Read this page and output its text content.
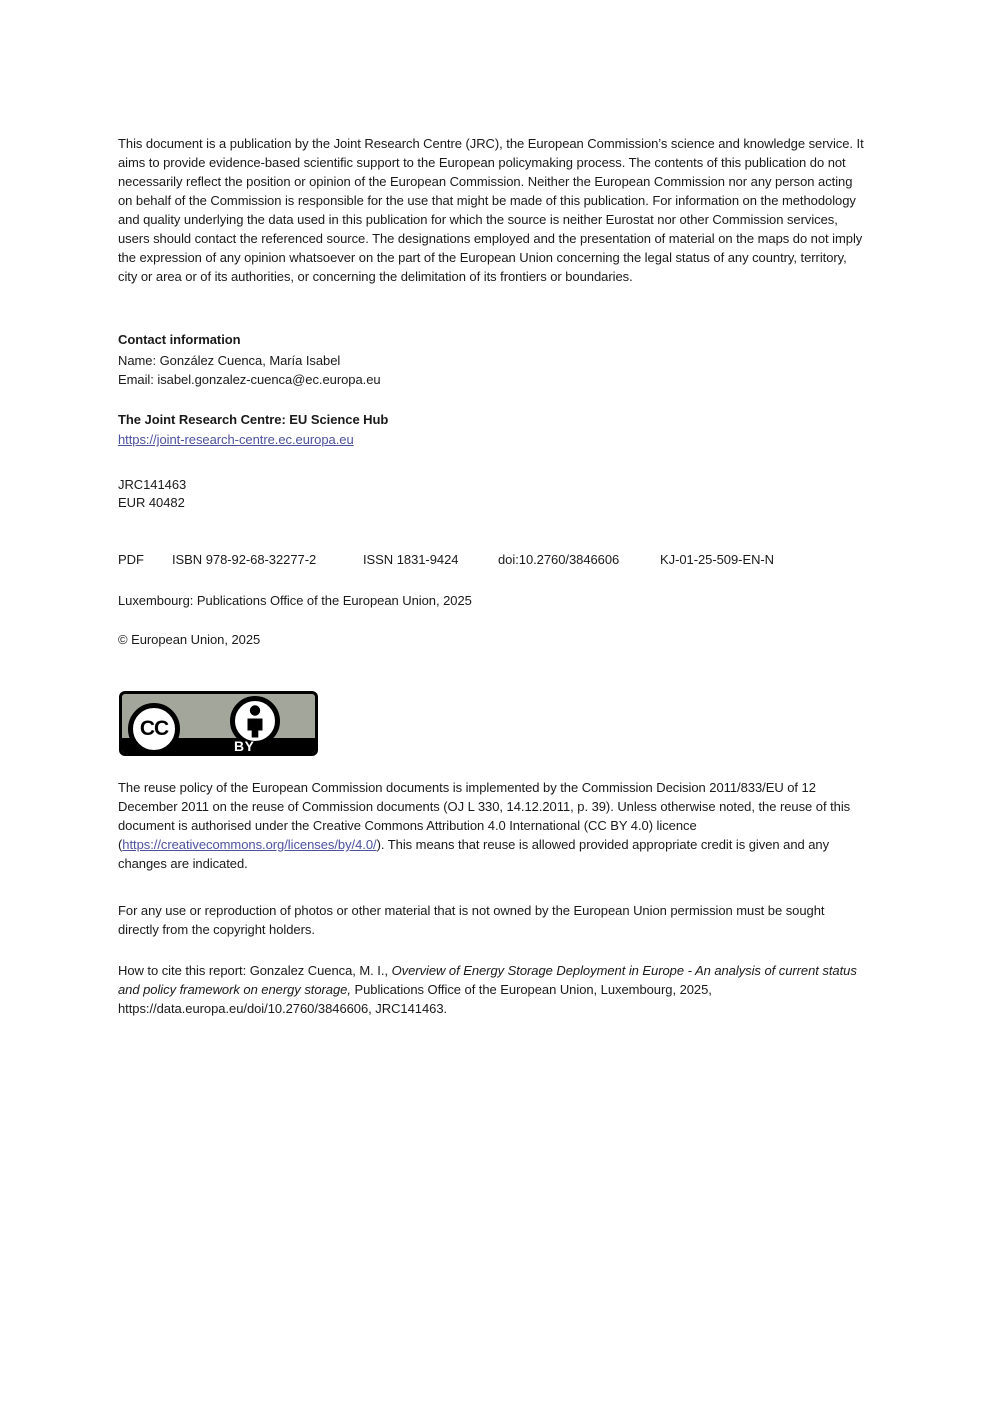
This document is a publication by the Joint Research Centre (JRC), the European Commission’s science and knowledge service. It aims to provide evidence-based scientific support to the European policymaking process. The contents of this publication do not necessarily reflect the position or opinion of the European Commission. Neither the European Commission nor any person acting on behalf of the Commission is responsible for the use that might be made of this publication. For information on the methodology and quality underlying the data used in this publication for which the source is neither Eurostat nor other Commission services, users should contact the referenced source. The designations employed and the presentation of material on the maps do not imply the expression of any opinion whatsoever on the part of the European Union concerning the legal status of any country, territory, city or area or of its authorities, or concerning the delimitation of its frontiers or boundaries.

Contact information

Name: González Cuenca, María Isabel

Email: isabel.gonzalez-cuenca@ec.europa.eu

The Joint Research Centre: EU Science Hub

https://joint-research-centre.ec.europa.eu

JRC141463

EUR 40482

PDF ISBN 978-92-68-32277-2	ISSN 1831-9424	doi:10.2760/3846606	KJ-01-25-509-EN-N

Luxembourg: Publications Office of the European Union, 2025

© European Union, 2025

CC
BY

The reuse policy of the European Commission documents is implemented by the Commission Decision 2011/833/EU of 12 December 2011 on the reuse of Commission documents (OJ L 330, 14.12.2011, p. 39). Unless otherwise noted, the reuse of this document is authorised under the Creative Commons Attribution 4.0 International (CC BY 4.0) licence (https://creativecommons.org/licenses/by/4.0/). This means that reuse is allowed provided appropriate credit is given and any changes are indicated.

For any use or reproduction of photos or other material that is not owned by the European Union permission must be sought directly from the copyright holders.

How to cite this report: Gonzalez Cuenca, M. I., Overview of Energy Storage Deployment in Europe - An analysis of current status and policy framework on energy storage, Publications Office of the European Union, Luxembourg, 2025, https://data.europa.eu/doi/10.2760/3846606, JRC141463.
